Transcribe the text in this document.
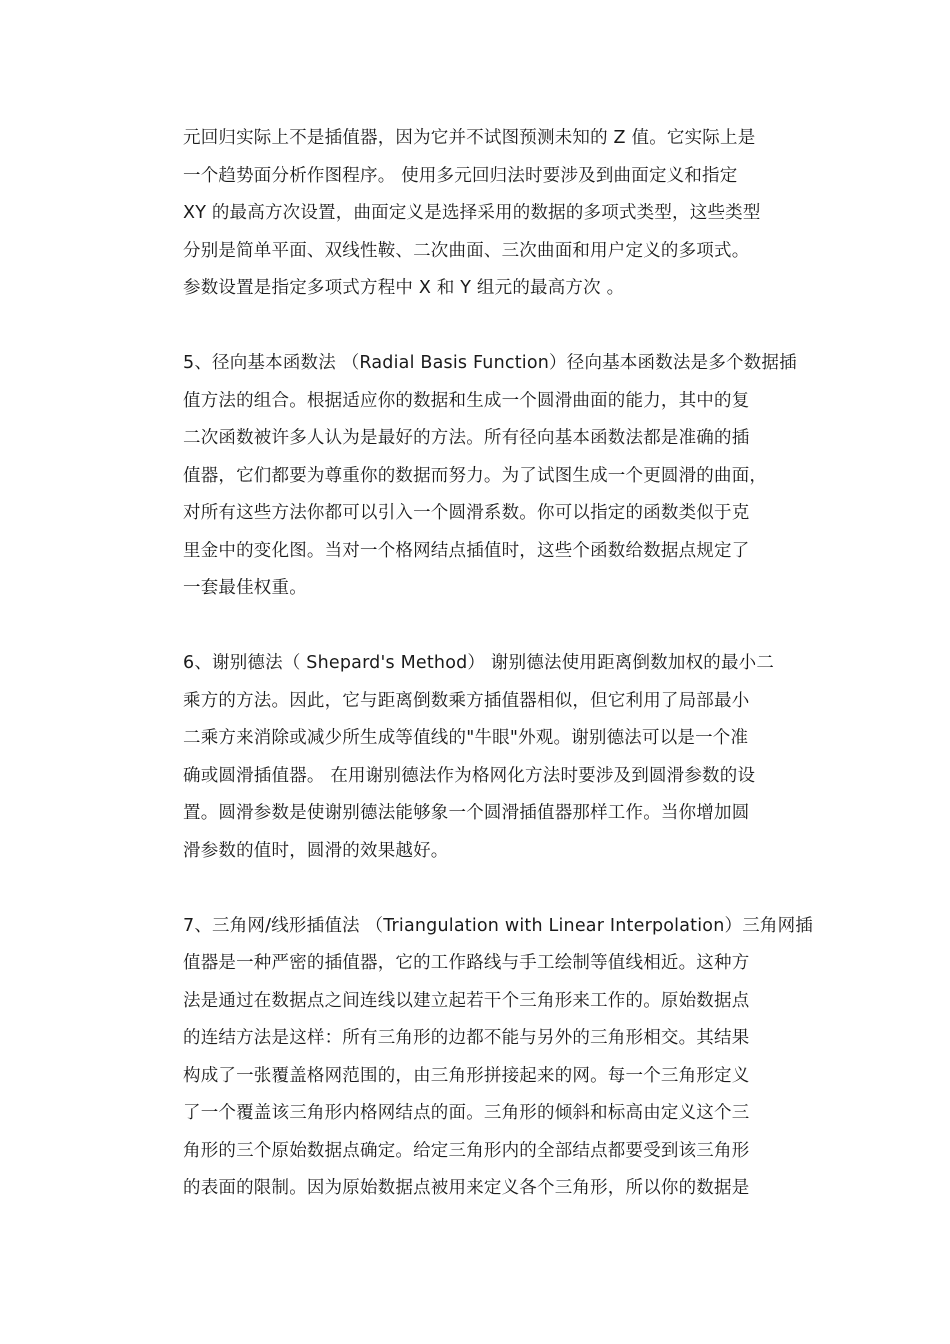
元回归实际上不是插值器，因为它并不试图预测未知的 Z 值。它实际上是
一个趋势面分析作图程序。 使用多元回归法时要涉及到曲面定义和指定
XY 的最高方次设置，曲面定义是选择采用的数据的多项式类型，这些类型
分别是简单平面、双线性鞍、二次曲面、三次曲面和用户定义的多项式。
参数设置是指定多项式方程中 X 和 Y 组元的最高方次 。
5、径向基本函数法 （Radial Basis Function）径向基本函数法是多个数据插
值方法的组合。根据适应你的数据和生成一个圆滑曲面的能力，其中的复
二次函数被许多人认为是最好的方法。所有径向基本函数法都是准确的插
值器，它们都要为尊重你的数据而努力。为了试图生成一个更圆滑的曲面，
对所有这些方法你都可以引入一个圆滑系数。你可以指定的函数类似于克
里金中的变化图。当对一个格网结点插值时，这些个函数给数据点规定了
一套最佳权重。
6、谢别德法（ Shepard's Method） 谢别德法使用距离倒数加权的最小二
乘方的方法。因此，它与距离倒数乘方插值器相似，但它利用了局部最小
二乘方来消除或减少所生成等值线的"牛眼"外观。谢别德法可以是一个准
确或圆滑插值器。 在用谢别德法作为格网化方法时要涉及到圆滑参数的设
置。圆滑参数是使谢别德法能够象一个圆滑插值器那样工作。当你增加圆
滑参数的值时，圆滑的效果越好。
7、三角网/线形插值法 （Triangulation with Linear Interpolation）三角网插
值器是一种严密的插值器，它的工作路线与手工绘制等值线相近。这种方
法是通过在数据点之间连线以建立起若干个三角形来工作的。原始数据点
的连结方法是这样：所有三角形的边都不能与另外的三角形相交。其结果
构成了一张覆盖格网范围的，由三角形拼接起来的网。每一个三角形定义
了一个覆盖该三角形内格网结点的面。三角形的倾斜和标高由定义这个三
角形的三个原始数据点确定。给定三角形内的全部结点都要受到该三角形
的表面的限制。因为原始数据点被用来定义各个三角形，所以你的数据是
